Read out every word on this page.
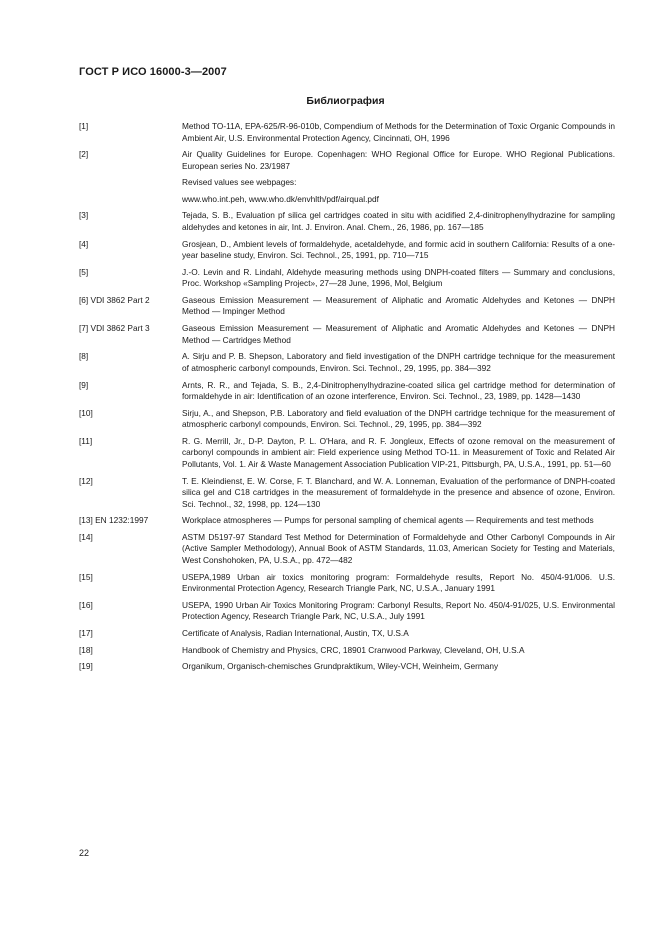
ГОСТ Р ИСО 16000-3—2007
Библиография
[1]	Method TO-11A, EPA-625/R-96-010b, Compendium of Methods for the Determination of Toxic Organic Compounds in Ambient Air, U.S. Environmental Protection Agency, Cincinnati, OH, 1996
[2]	Air Quality Guidelines for Europe. Copenhagen: WHO Regional Office for Europe. WHO Regional Publications. European series No. 23/1987
Revised values see webpages:
www.who.int.peh, www.who.dk/envhlth/pdf/airqual.pdf
[3]	Tejada, S. B., Evaluation pf silica gel cartridges coated in situ with acidified 2,4-dinitrophenylhydrazine for sampling aldehydes and ketones in air, Int. J. Environ. Anal. Chem., 26, 1986, pp. 167—185
[4]	Grosjean, D., Ambient levels of formaldehyde, acetaldehyde, and formic acid in southern California: Results of a one-year baseline study, Environ. Sci. Technol., 25, 1991, pp. 710—715
[5]	J.-O. Levin and R. Lindahl, Aldehyde measuring methods using DNPH-coated filters — Summary and conclusions, Proc. Workshop «Sampling Project», 27—28 June, 1996, Mol, Belgium
[6] VDI 3862 Part 2	Gaseous Emission Measurement — Measurement of Aliphatic and Aromatic Aldehydes and Ketones — DNPH Method — Impinger Method
[7] VDI 3862 Part 3	Gaseous Emission Measurement — Measurement of Aliphatic and Aromatic Aldehydes and Ketones — DNPH Method — Cartridges Method
[8]	A. Sirju and P. B. Shepson, Laboratory and field investigation of the DNPH cartridge technique for the measurement of atmospheric carbonyl compounds, Environ. Sci. Technol., 29, 1995, pp. 384—392
[9]	Arnts, R. R., and Tejada, S. B., 2,4-Dinitrophenylhydrazine-coated silica gel cartridge method for determination of formaldehyde in air: Identification of an ozone interference, Environ. Sci. Technol., 23, 1989, pp. 1428—1430
[10]	Sirju, A., and Shepson, P.B. Laboratory and field evaluation of the DNPH cartridge technique for the measurement of atmospheric carbonyl compounds, Environ. Sci. Technol., 29, 1995, pp. 384—392
[11]	R. G. Merrill, Jr., D-P. Dayton, P. L. O'Hara, and R. F. Jongleux, Effects of ozone removal on the measurement of carbonyl compounds in ambient air: Field experience using Method TO-11. in Measurement of Toxic and Related Air Pollutants, Vol. 1. Air & Waste Management Association Publication VIP-21, Pittsburgh, PA, U.S.A., 1991, pp. 51—60
[12]	T. E. Kleindienst, E. W. Corse, F. T. Blanchard, and W. A. Lonneman, Evaluation of the performance of DNPH-coated silica gel and C18 cartridges in the measurement of formaldehyde in the presence and absence of ozone, Environ. Sci. Technol., 32, 1998, pp. 124—130
[13] EN 1232:1997	Workplace atmospheres — Pumps for personal sampling of chemical agents — Requirements and test methods
[14]	ASTM D5197-97 Standard Test Method for Determination of Formaldehyde and Other Carbonyl Compounds in Air (Active Sampler Methodology), Annual Book of ASTM Standards, 11.03, American Society for Testing and Materials, West Conshohoken, PA, U.S.A., pp. 472—482
[15]	USEPA,1989 Urban air toxics monitoring program: Formaldehyde results, Report No. 450/4-91/006. U.S. Environmental Protection Agency, Research Triangle Park, NC, U.S.A., January 1991
[16]	USEPA, 1990 Urban Air Toxics Monitoring Program: Carbonyl Results, Report No. 450/4-91/025, U.S. Environmental Protection Agency, Research Triangle Park, NC, U.S.A., July 1991
[17]	Certificate of Analysis, Radian International, Austin, TX, U.S.A
[18]	Handbook of Chemistry and Physics, CRC, 18901 Cranwood Parkway, Cleveland, OH, U.S.A
[19]	Organikum, Organisch-chemisches Grundpraktikum, Wiley-VCH, Weinheim, Germany
22
